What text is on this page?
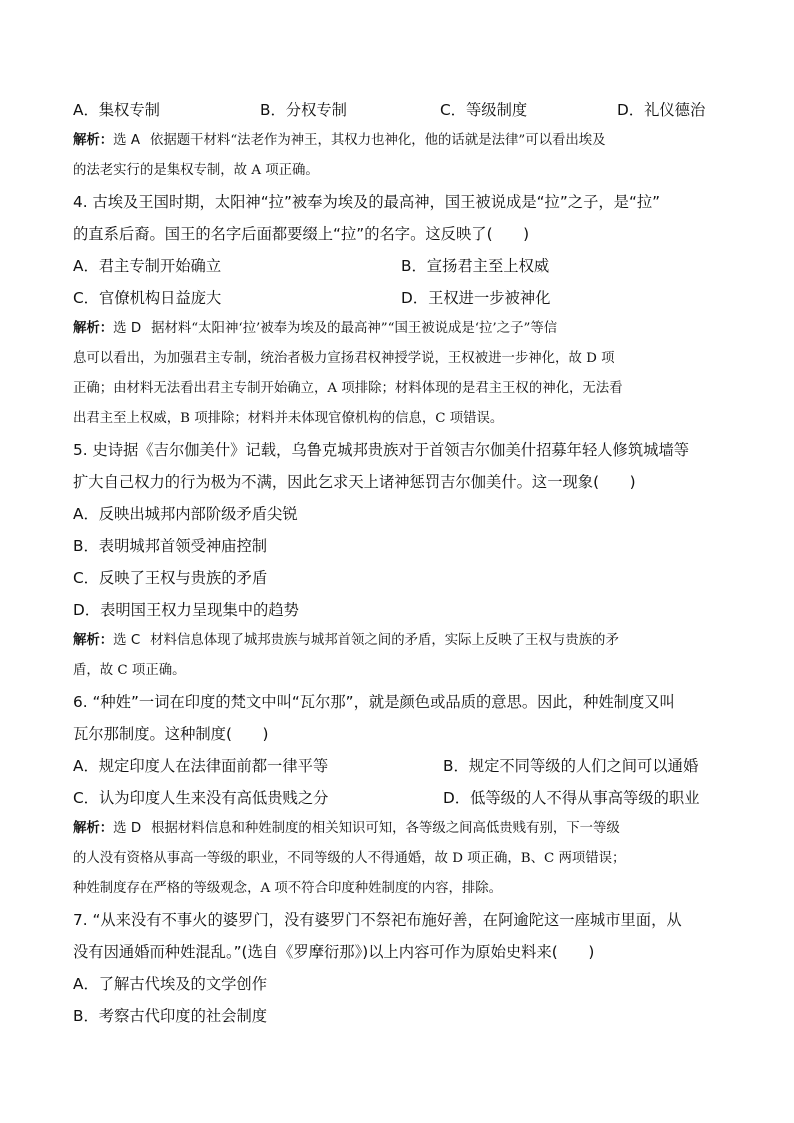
A．集权专制	B．分权专制	C．等级制度	D．礼仪德治

解析：选 A 依据题干材料“法老作为神王，其权力也神化，他的话就是法律”可以看出埃及

的法老实行的是集权专制，故 A 项正确。

4. 古埃及王国时期，太阳神“拉”被奉为埃及的最高神，国王被说成是“拉”之子，是“拉”

的直系后裔。国王的名字后面都要缀上“拉”的名字。这反映了(　　)

A．君主专制开始确立	B．宣扬君主至上权威
C．官僚机构日益庞大	D．王权进一步被神化

解析：选 D 据材料“太阳神‘拉’被奉为埃及的最高神”“国王被说成是‘拉’之子”等信

息可以看出，为加强君主专制，统治者极力宣扬君权神授学说，王权被进一步神化，故 D 项

正确；由材料无法看出君主专制开始确立，A 项排除；材料体现的是君主王权的神化，无法看

出君主至上权威，B 项排除；材料并未体现官僚机构的信息，C 项错误。

5. 史诗据《吉尔伽美什》记载，乌鲁克城邦贵族对于首领吉尔伽美什招募年轻人修筑城墙等

扩大自己权力的行为极为不满，因此乞求天上诸神惩罚吉尔伽美什。这一现象(　　)

A．反映出城邦内部阶级矛盾尖锐

B．表明城邦首领受神庙控制

C．反映了王权与贵族的矛盾

D．表明国王权力呈现集中的趋势

解析：选 C 材料信息体现了城邦贵族与城邦首领之间的矛盾，实际上反映了王权与贵族的矛

盾，故 C 项正确。

6. “种姓”一词在印度的梵文中叫“瓦尔那”，就是颜色或品质的意思。因此，种姓制度又叫

瓦尔那制度。这种制度(　　)

A．规定印度人在法律面前都一律平等	B．规定不同等级的人们之间可以通婚
C．认为印度人生来没有高低贵贱之分	D．低等级的人不得从事高等级的职业

解析：选 D 根据材料信息和种姓制度的相关知识可知，各等级之间高低贵贱有别，下一等级

的人没有资格从事高一等级的职业，不同等级的人不得通婚，故 D 项正确，B、C 两项错误；

种姓制度存在严格的等级观念，A 项不符合印度种姓制度的内容，排除。

7. “从来没有不事火的婆罗门，没有婆罗门不祭祀布施好善，在阿逾陀这一座城市里面，从

没有因通婚而种姓混乱。”(选自《罗摩衍那》)以上内容可作为原始史料来(　　)

A．了解古代埃及的文学创作

B．考察古代印度的社会制度
